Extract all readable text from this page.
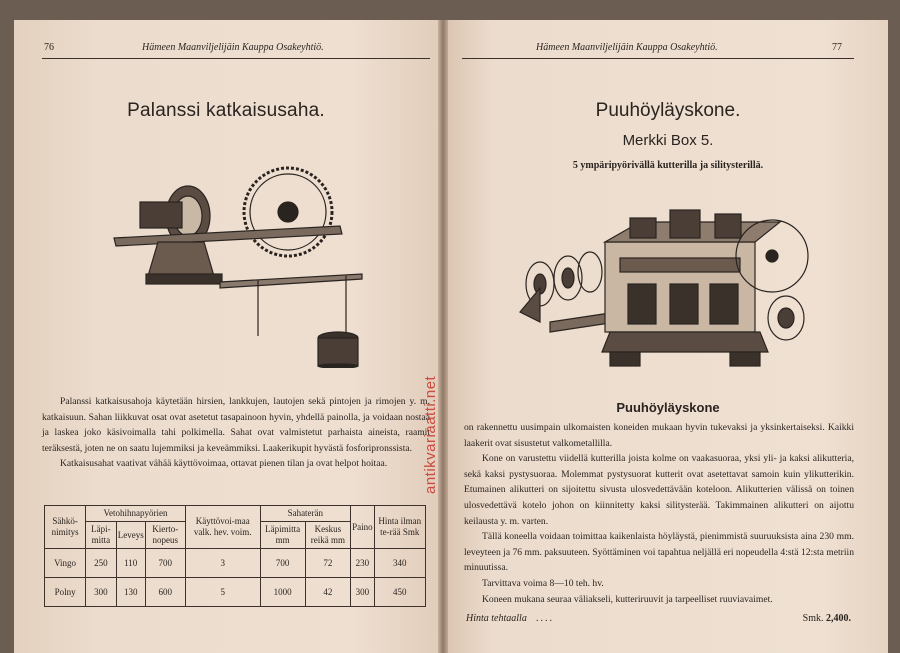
76	Hämeen Maanviljelijäin Kauppa Osakeyhtiö.
Palanssi katkaisusaha.

Palanssi katkaisusahoja käytetään hirsien, lankkujen, lautojen sekä pintojen ja rimojen y. m. katkaisuun. Sahan liikkuvat osat ovat asetetut tasapainoon hyvin, yhdellä painolla, ja voidaan nostaa ja laskea joko käsivoimalla tahi polkimella. Sahat ovat valmistetut parhaista aineista, raamit teräksestä, joten ne on saatu lujemmiksi ja keveämmiksi. Laakerikupit hyvästä fosforipronssista.

Katkaisusahat vaativat vähää käyttövoimaa, ottavat pienen tilan ja ovat helpot hoitaa.

Sähkö-nimitys	Vetohihnapyörien			Käyttövoi-maa valk. hev. voim.	Sahaterän		Paino	Hinta ilman te-rää Smk
	Läpi-mitta	Leveys	Kierto-nopeus		Läpimitta mm	Keskus reikä mm		
Vingo	250	110	700	3	700	72	230	340
Polny	300	130	600	5	1000	42	300	450
antikvariaatti.net
Hämeen Maanviljelijäin Kauppa Osakeyhtiö.	77
Puuhöyläyskone.
Merkki Box 5.
5 ympäripyörivällä kutterilla ja silitysterillä.
Puuhöyläyskone

on rakennettu uusimpain ulkomaisten koneiden mukaan hyvin tukevaksi ja yksinkertaiseksi. Kaikki laakerit ovat sisustetut valkometallilla.

Kone on varustettu viidellä kutterilla joista kolme on vaakasuoraa, yksi yli- ja kaksi alikutteria, sekä kaksi pystysuoraa. Molemmat pystysuorat kutterit ovat asetettavat samoin kuin ylikutterikin. Etumainen alikutteri on sijoitettu sivusta ulosvedettävään koteloon. Alikutterien välissä on toinen ulosvedettävä kotelo johon on kiinnitetty kaksi silitysterää. Takimmainen alikutteri on aijottu keilausta y. m. varten.

Tällä koneella voidaan toimittaa kaikenlaista höyläystä, pienimmistä suuruuksista aina 230 mm. leveyteen ja 76 mm. paksuuteen. Syöttäminen voi tapahtua neljällä eri nopeudella 4:stä 12:sta metriin minuutissa.

Tarvittava voima 8—10 teh. hv.

Koneen mukana seuraa väliakseli, kutteriruuvit ja tarpeelliset ruuviavaimet.

Hinta tehtaalla ....	Smk. 2,400.
